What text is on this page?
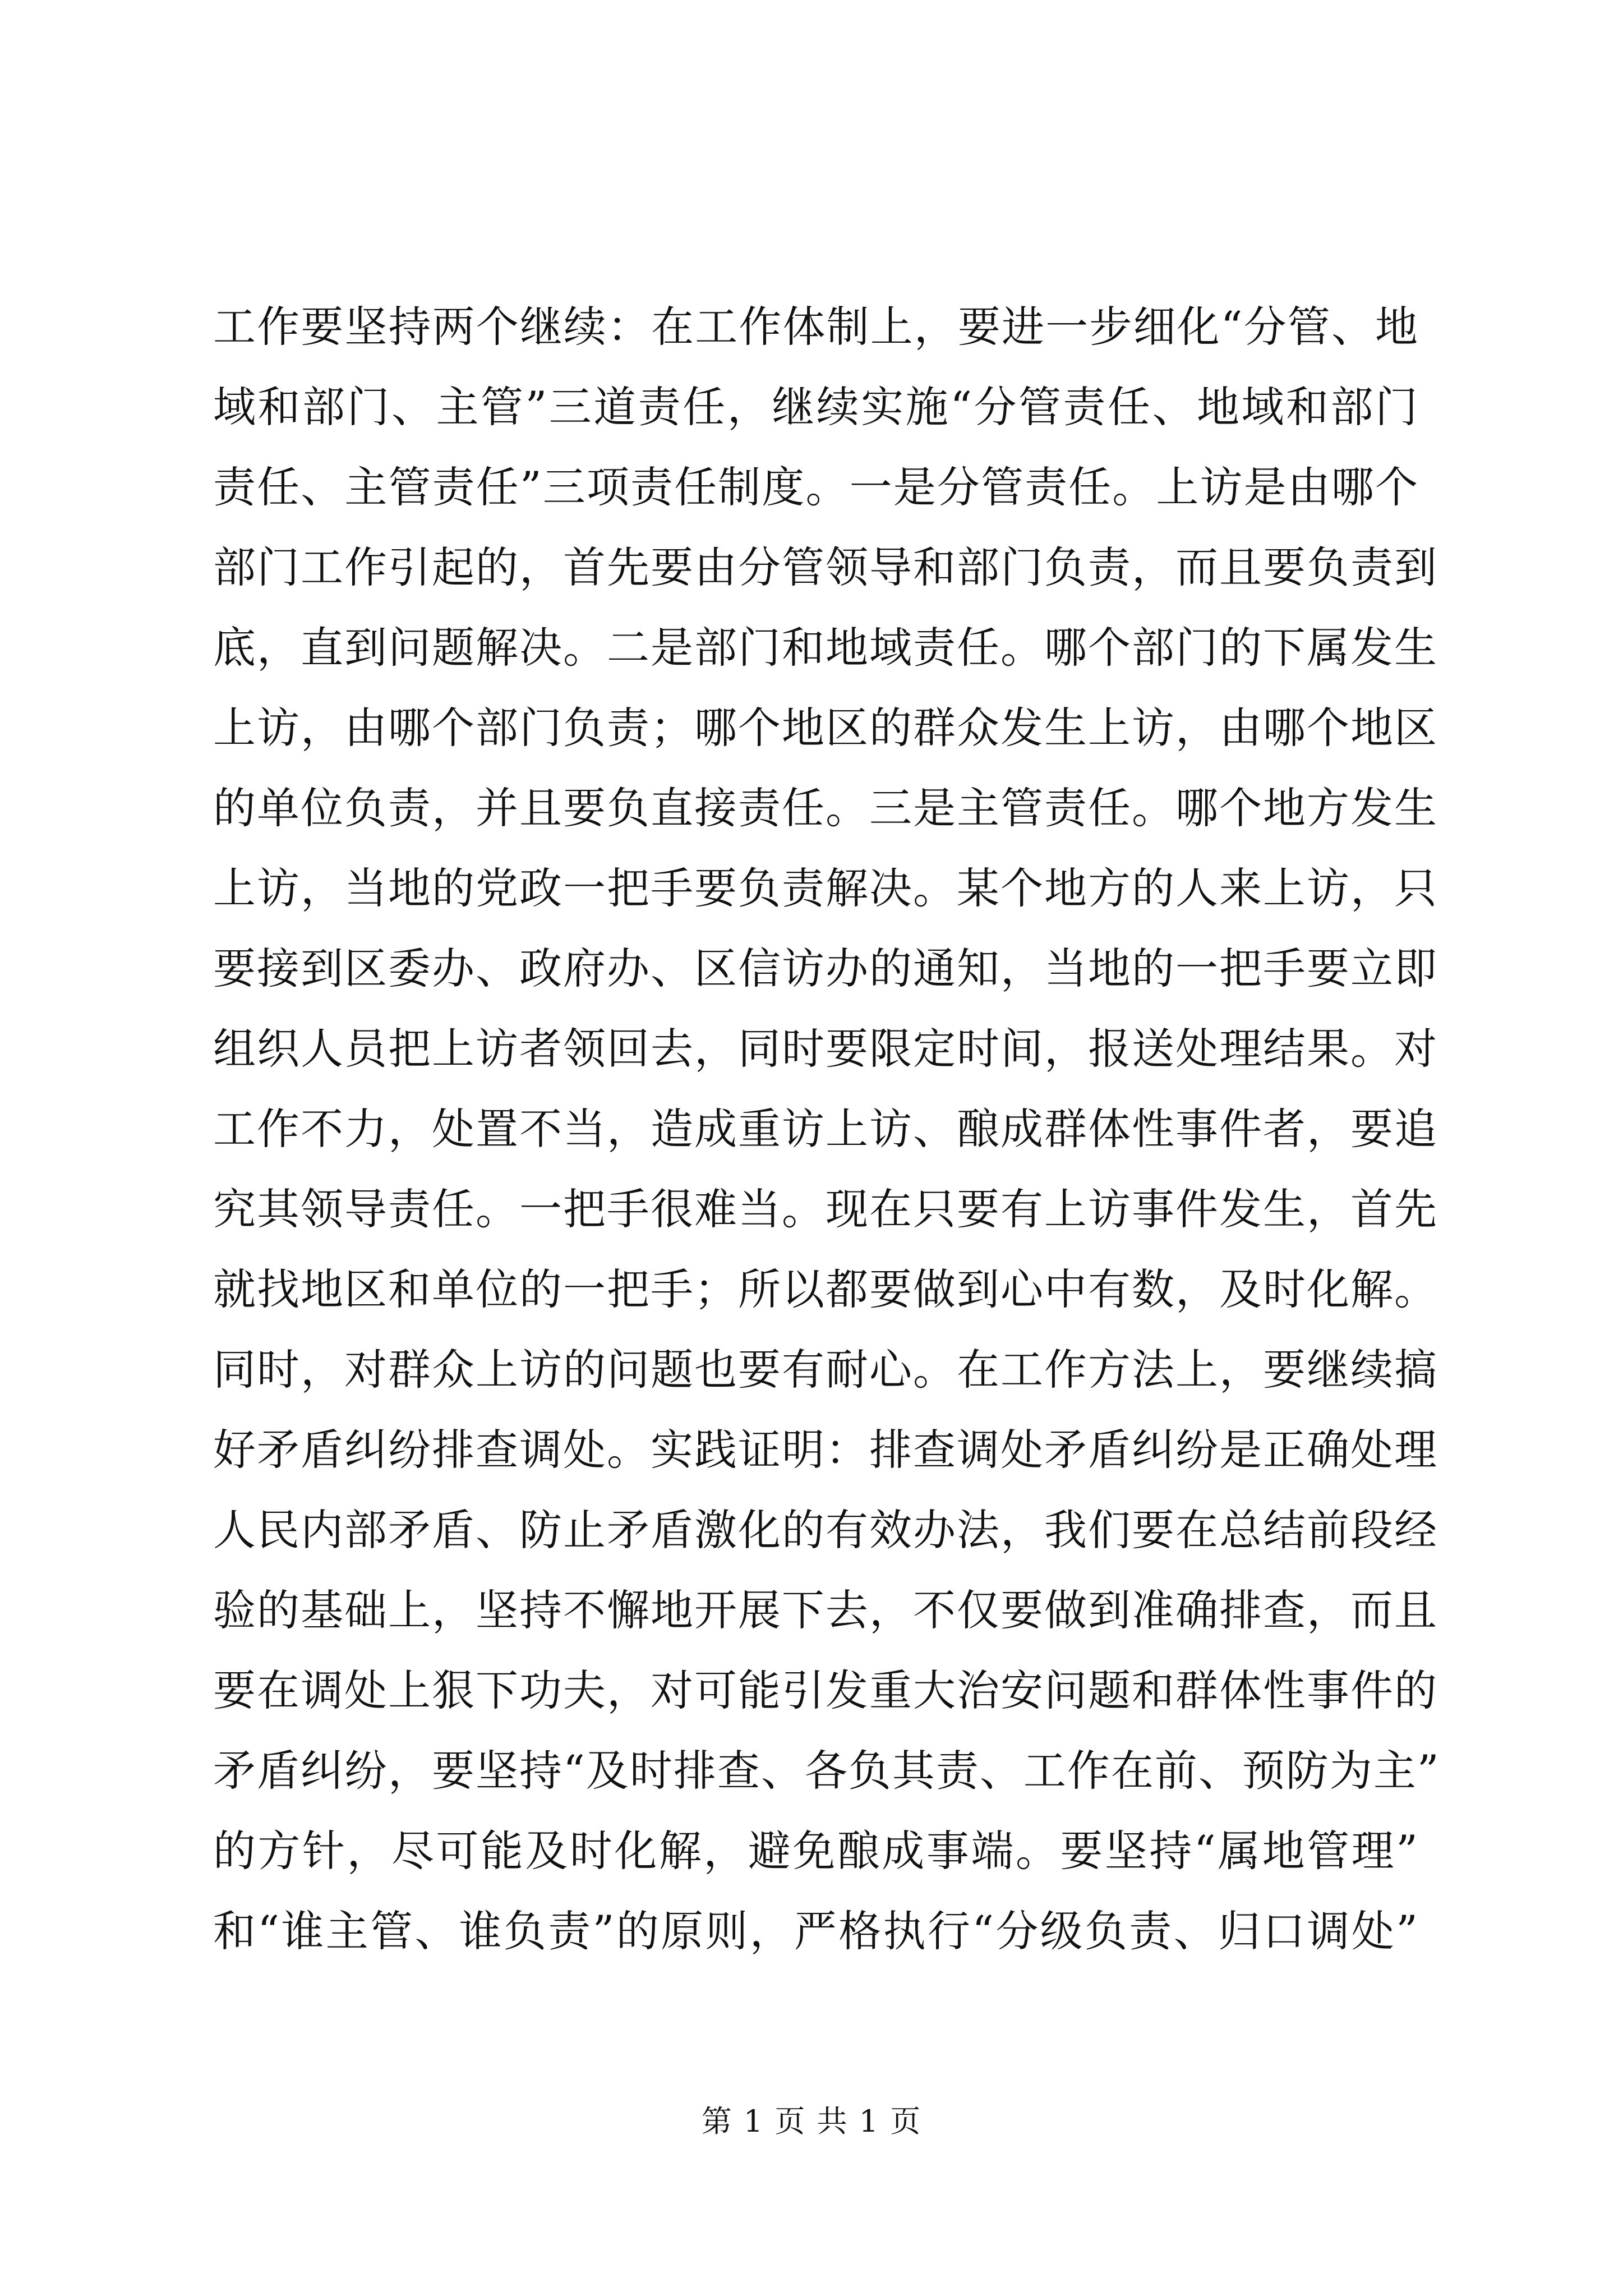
工作要坚持两个继续：在工作体制上，要进一步细化“分管、地
域和部门、主管”三道责任，继续实施“分管责任、地域和部门
责任、主管责任”三项责任制度。一是分管责任。上访是由哪个
部门工作引起的，首先要由分管领导和部门负责，而且要负责到
底，直到问题解决。二是部门和地域责任。哪个部门的下属发生
上访，由哪个部门负责；哪个地区的群众发生上访，由哪个地区
的单位负责，并且要负直接责任。三是主管责任。哪个地方发生
上访，当地的党政一把手要负责解决。某个地方的人来上访，只
要接到区委办、政府办、区信访办的通知，当地的一把手要立即
组织人员把上访者领回去，同时要限定时间，报送处理结果。对
工作不力，处置不当，造成重访上访、酿成群体性事件者，要追
究其领导责任。一把手很难当。现在只要有上访事件发生，首先
就找地区和单位的一把手；所以都要做到心中有数，及时化解。
同时，对群众上访的问题也要有耐心。在工作方法上，要继续搞
好矛盾纠纷排查调处。实践证明：排查调处矛盾纠纷是正确处理
人民内部矛盾、防止矛盾激化的有效办法，我们要在总结前段经
验的基础上，坚持不懈地开展下去，不仅要做到准确排查，而且
要在调处上狠下功夫，对可能引发重大治安问题和群体性事件的
矛盾纠纷，要坚持“及时排查、各负其责、工作在前、预防为主”
的方针，尽可能及时化解，避免酿成事端。要坚持“属地管理”
和“谁主管、谁负责”的原则，严格执行“分级负责、归口调处”
第 1 页 共 1 页
